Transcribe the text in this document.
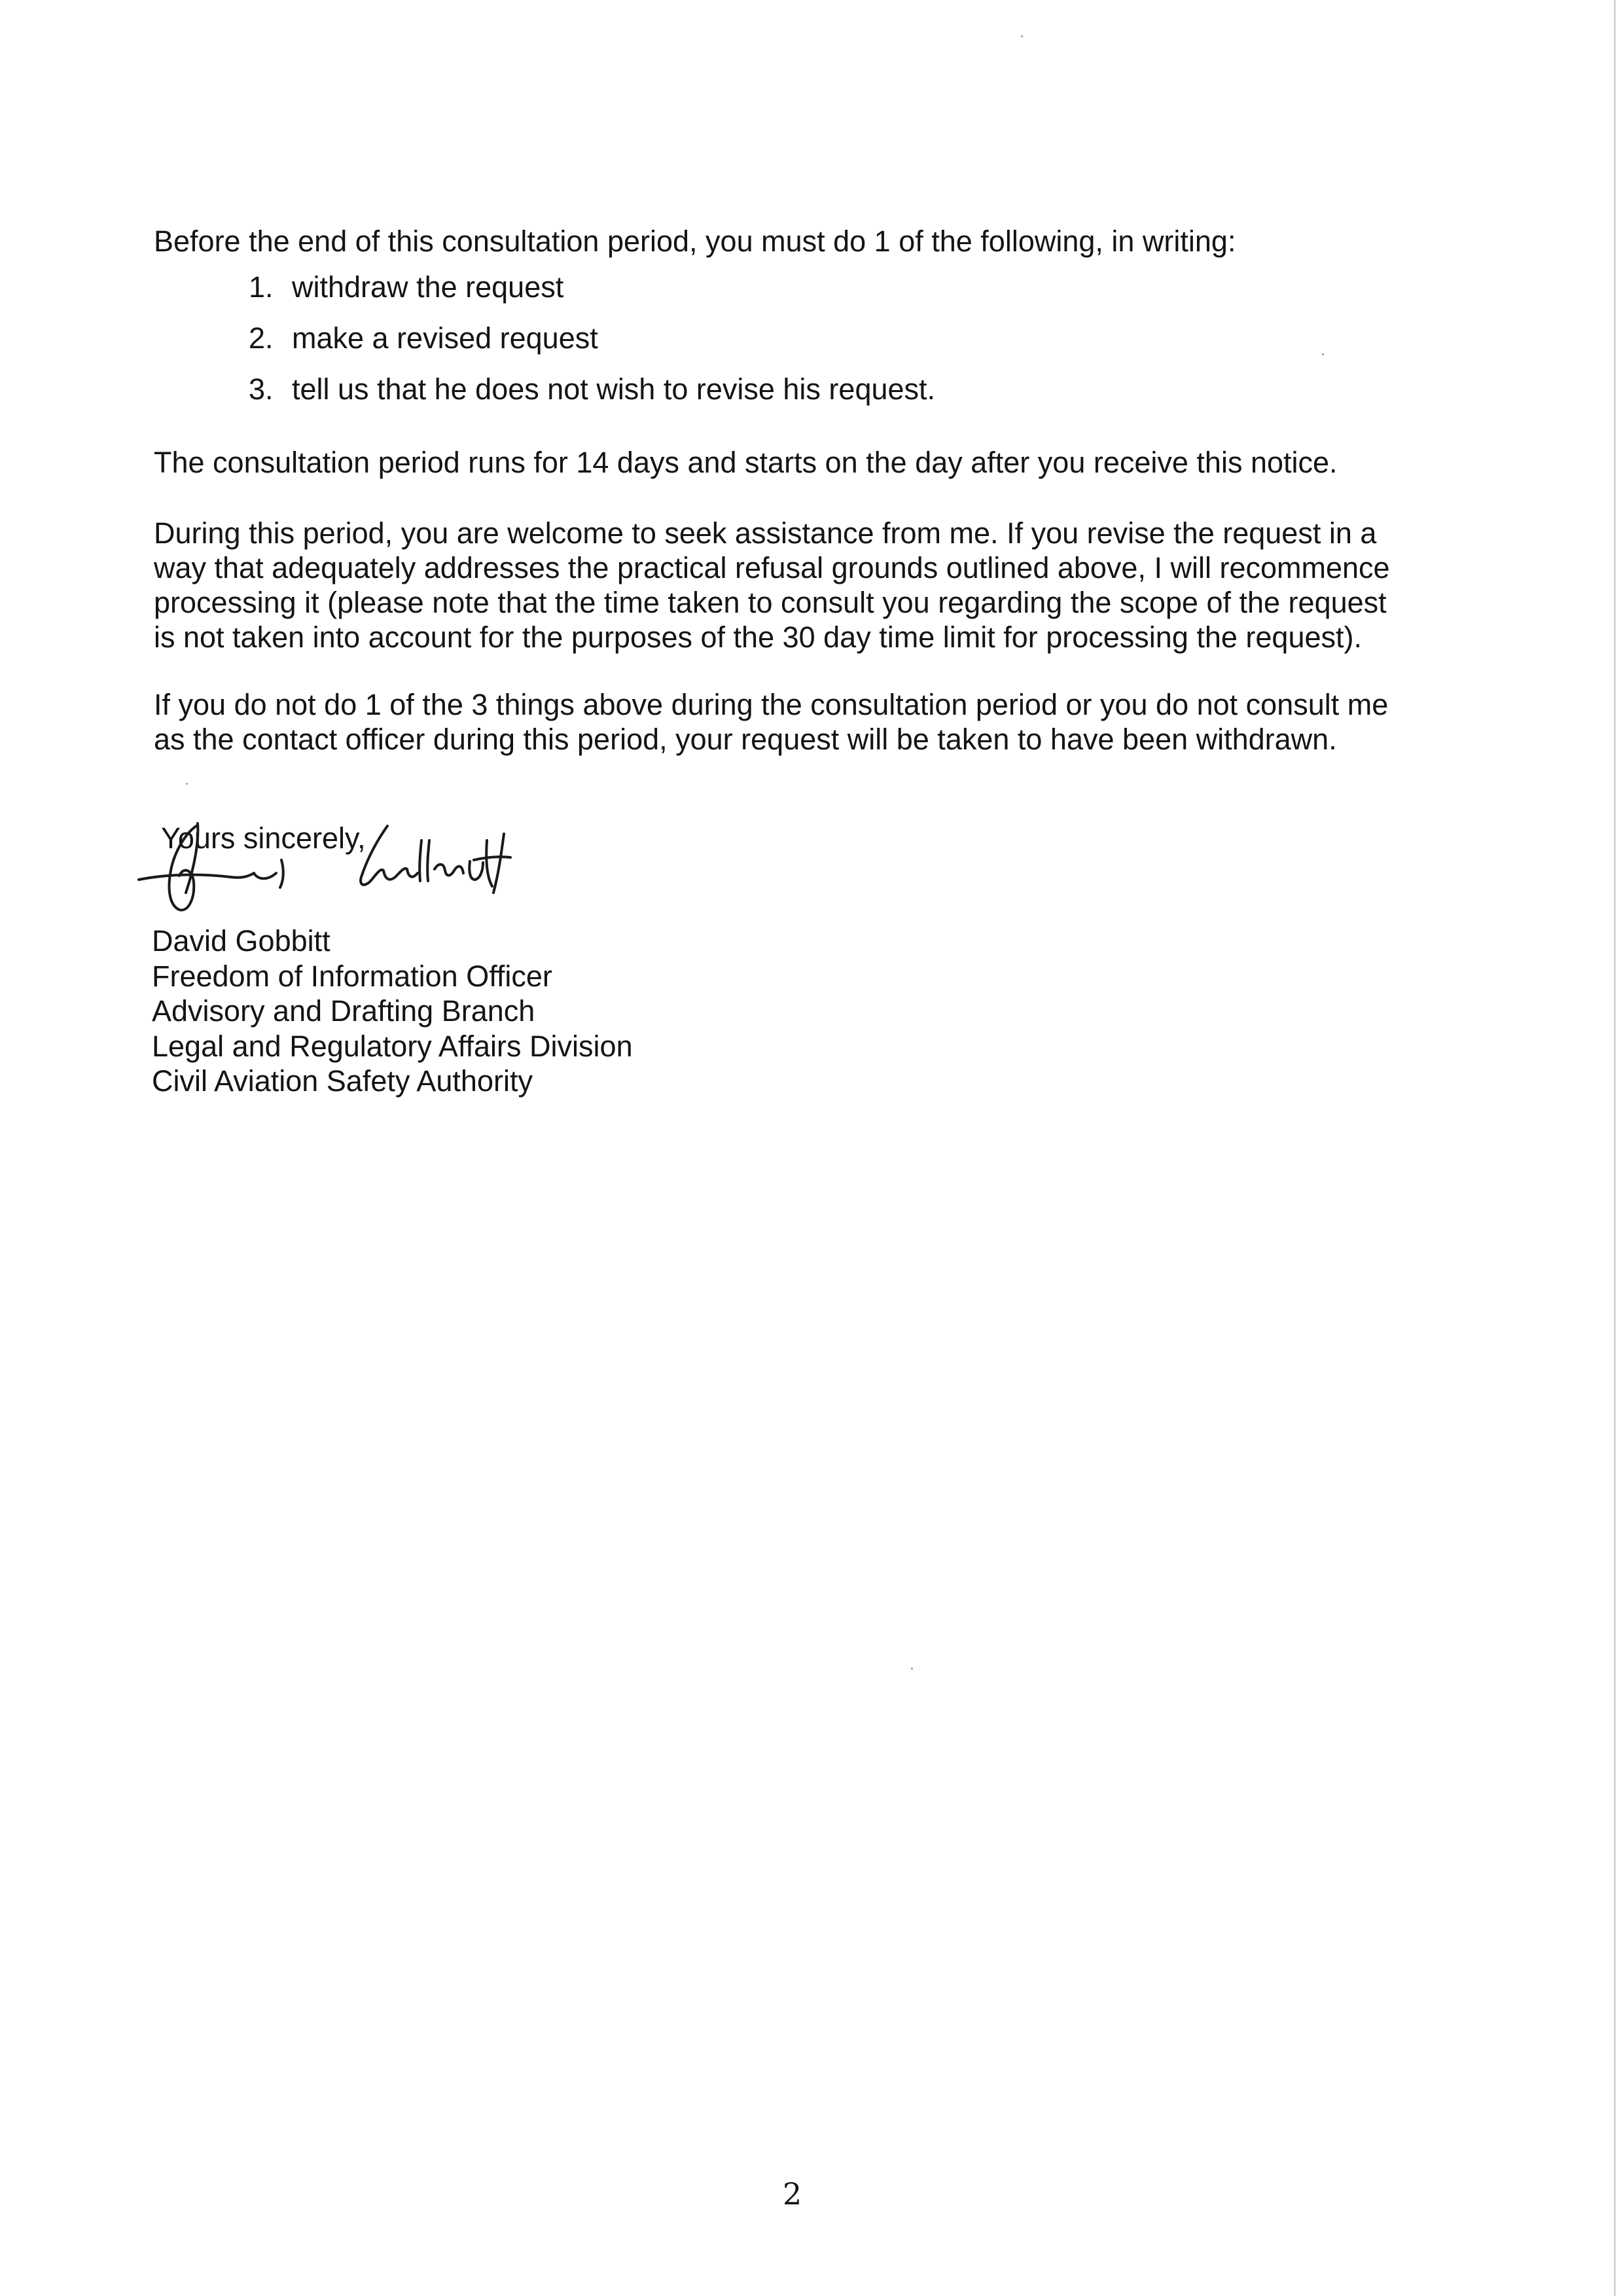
Before the end of this consultation period, you must do 1 of the following, in writing:
1. withdraw the request
2. make a revised request
3. tell us that he does not wish to revise his request.
The consultation period runs for 14 days and starts on the day after you receive this notice.
During this period, you are welcome to seek assistance from me. If you revise the request in a
way that adequately addresses the practical refusal grounds outlined above, I will recommence
processing it (please note that the time taken to consult you regarding the scope of the request
is not taken into account for the purposes of the 30 day time limit for processing the request).
If you do not do 1 of the 3 things above during the consultation period or you do not consult me
as the contact officer during this period, your request will be taken to have been withdrawn.
Yours sincerely,
David Gobbitt
Freedom of Information Officer
Advisory and Drafting Branch
Legal and Regulatory Affairs Division
Civil Aviation Safety Authority
2
